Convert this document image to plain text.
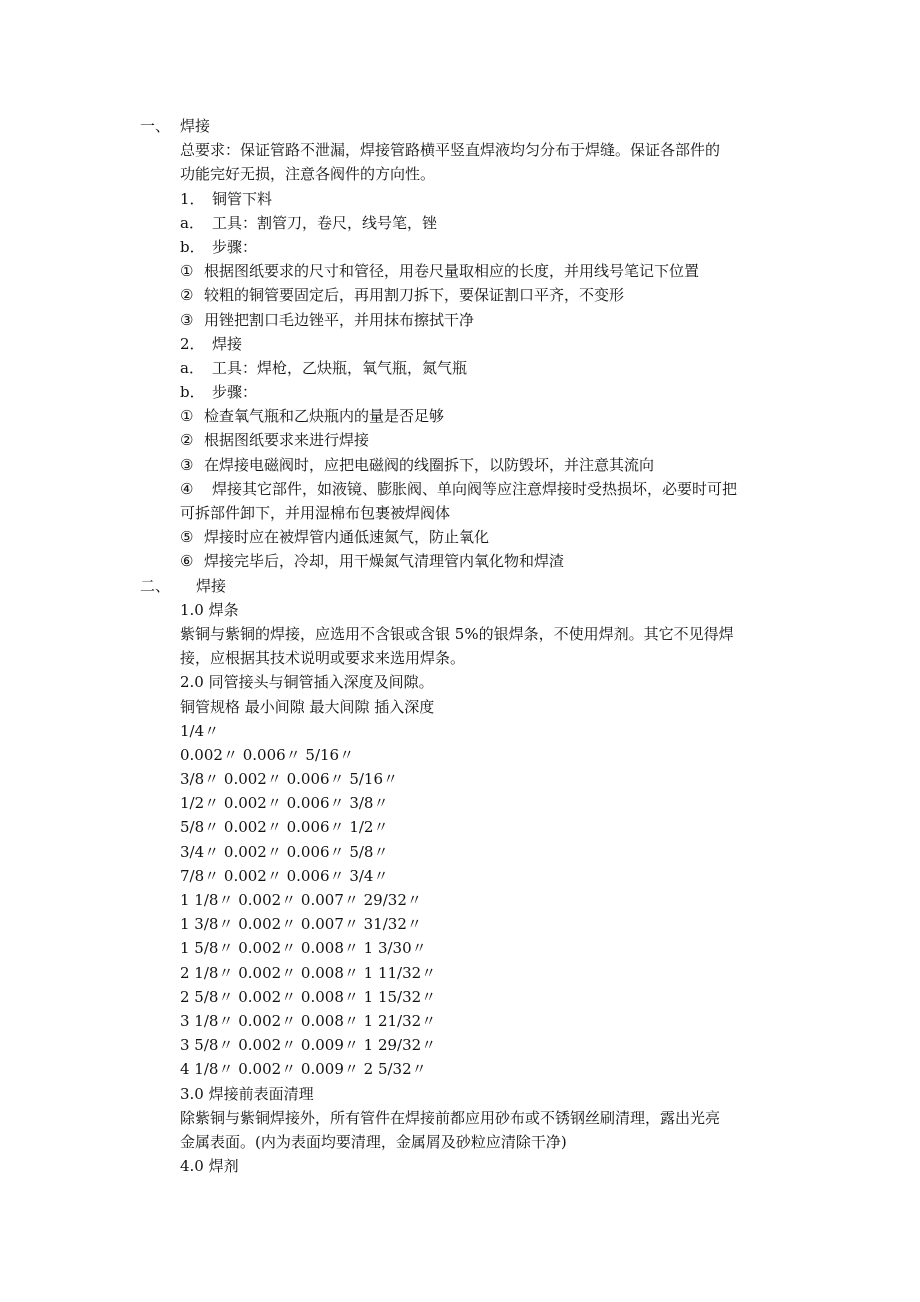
一、 焊接
总要求：保证管路不泄漏，焊接管路横平竖直焊液均匀分布于焊缝。保证各部件的
功能完好无损，注意各阀件的方向性。
1． 铜管下料
a． 工具：割管刀，卷尺，线号笔，锉
b． 步骤：
① 根据图纸要求的尺寸和管径，用卷尺量取相应的长度，并用线号笔记下位置
② 较粗的铜管要固定后，再用割刀拆下，要保证割口平齐，不变形
③ 用锉把割口毛边锉平，并用抹布擦拭干净
2． 焊接
a． 工具：焊枪，乙炔瓶，氧气瓶，氮气瓶
b． 步骤：
① 检查氧气瓶和乙炔瓶内的量是否足够
② 根据图纸要求来进行焊接
③ 在焊接电磁阀时，应把电磁阀的线圈拆下，以防毁坏，并注意其流向
④ 焊接其它部件，如液镜、膨胀阀、单向阀等应注意焊接时受热损坏，必要时可把
可拆部件卸下，并用湿棉布包裹被焊阀体
⑤ 焊接时应在被焊管内通低速氮气，防止氧化
⑥ 焊接完毕后，冷却，用干燥氮气清理管内氧化物和焊渣
二、 焊接
1.0 焊条
紫铜与紫铜的焊接，应选用不含银或含银 5%的银焊条，不使用焊剂。其它不见得焊
接，应根据其技术说明或要求来选用焊条。
2.0 同管接头与铜管插入深度及间隙。
铜管规格 最小间隙 最大间隙 插入深度
1/4〃
0.002〃 0.006〃 5/16〃
3/8〃 0.002〃 0.006〃 5/16〃
1/2〃 0.002〃 0.006〃 3/8〃
5/8〃 0.002〃 0.006〃 1/2〃
3/4〃 0.002〃 0.006〃 5/8〃
7/8〃 0.002〃 0.006〃 3/4〃
1 1/8〃 0.002〃 0.007〃 29/32〃
1 3/8〃 0.002〃 0.007〃 31/32〃
1 5/8〃 0.002〃 0.008〃 1 3/30〃
2 1/8〃 0.002〃 0.008〃 1 11/32〃
2 5/8〃 0.002〃 0.008〃 1 15/32〃
3 1/8〃 0.002〃 0.008〃 1 21/32〃
3 5/8〃 0.002〃 0.009〃 1 29/32〃
4 1/8〃 0.002〃 0.009〃 2 5/32〃
3.0 焊接前表面清理
除紫铜与紫铜焊接外，所有管件在焊接前都应用砂布或不锈钢丝刷清理，露出光亮
金属表面。(内为表面均要清理，金属屑及砂粒应清除干净)
4.0 焊剂
